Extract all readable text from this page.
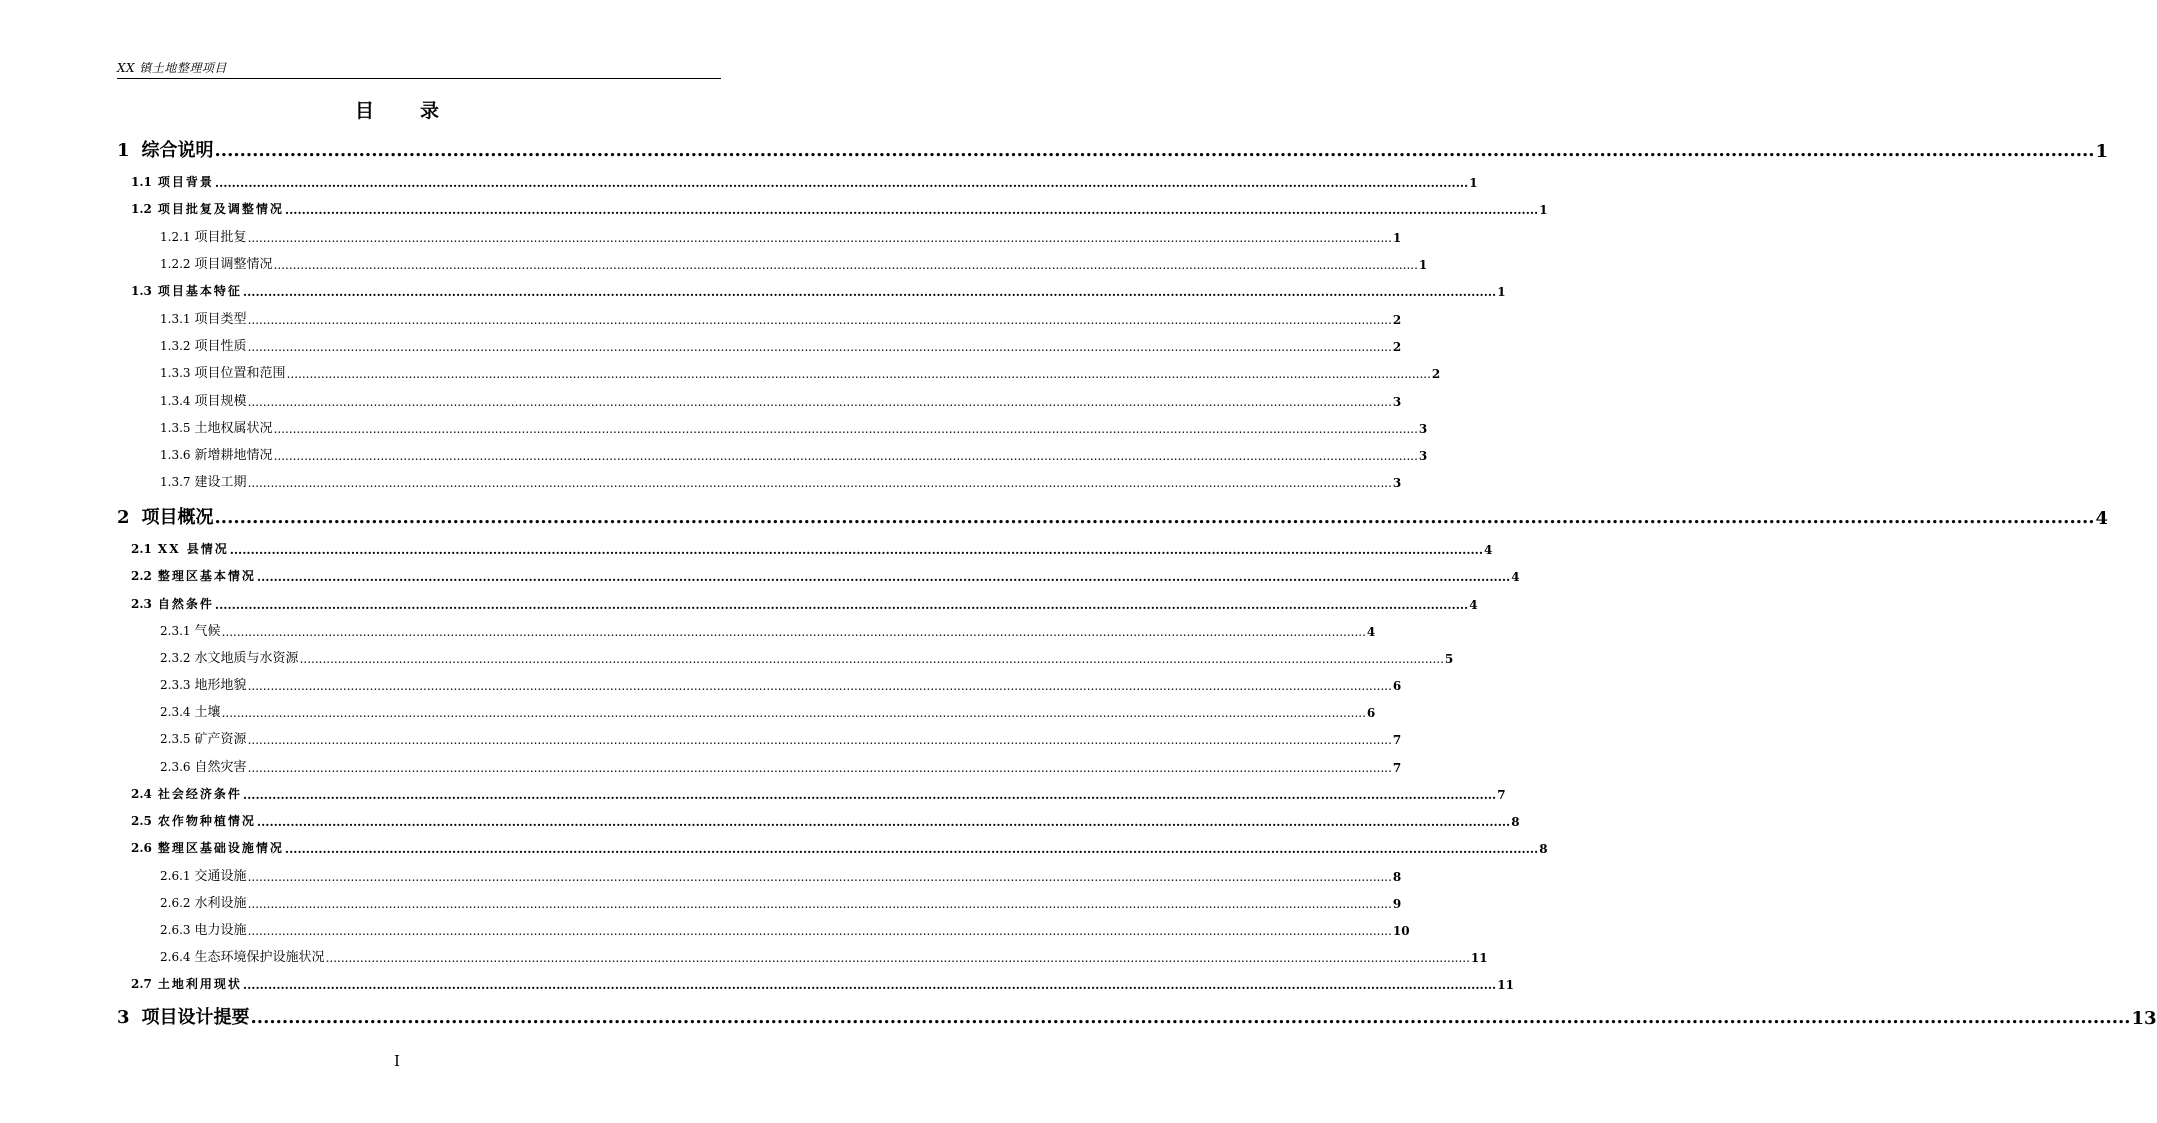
XX 镇土地整理项目
目录
1 综合说明 ............................................................................................................................................................................................................................................................................................................ 1
1.1 项目背景 ............................................................................................................................................................................................................................................................................................................ 1
1.2 项目批复及调整情况 ............................................................................................................................................................................................................................................................................................................ 1
1.2.1 项目批复 ............................................................................................................................................................................................................................................................................................................ 1
1.2.2 项目调整情况 ............................................................................................................................................................................................................................................................................................................ 1
1.3 项目基本特征 ............................................................................................................................................................................................................................................................................................................ 1
1.3.1 项目类型 ............................................................................................................................................................................................................................................................................................................ 2
1.3.2 项目性质 ............................................................................................................................................................................................................................................................................................................ 2
1.3.3 项目位置和范围 ............................................................................................................................................................................................................................................................................................................ 2
1.3.4 项目规模 ............................................................................................................................................................................................................................................................................................................ 3
1.3.5 土地权属状况 ............................................................................................................................................................................................................................................................................................................ 3
1.3.6 新增耕地情况 ............................................................................................................................................................................................................................................................................................................ 3
1.3.7 建设工期 ............................................................................................................................................................................................................................................................................................................ 3
2 项目概况 ............................................................................................................................................................................................................................................................................................................ 4
2.1 XX 县情况 ............................................................................................................................................................................................................................................................................................................ 4
2.2 整理区基本情况 ............................................................................................................................................................................................................................................................................................................ 4
2.3 自然条件 ............................................................................................................................................................................................................................................................................................................ 4
2.3.1 气候 ............................................................................................................................................................................................................................................................................................................ 4
2.3.2 水文地质与水资源 ............................................................................................................................................................................................................................................................................................................ 5
2.3.3 地形地貌 ............................................................................................................................................................................................................................................................................................................ 6
2.3.4 土壤 ............................................................................................................................................................................................................................................................................................................ 6
2.3.5 矿产资源 ............................................................................................................................................................................................................................................................................................................ 7
2.3.6 自然灾害 ............................................................................................................................................................................................................................................................................................................ 7
2.4 社会经济条件 ............................................................................................................................................................................................................................................................................................................ 7
2.5 农作物种植情况 ............................................................................................................................................................................................................................................................................................................ 8
2.6 整理区基础设施情况 ............................................................................................................................................................................................................................................................................................................ 8
2.6.1 交通设施 ............................................................................................................................................................................................................................................................................................................ 8
2.6.2 水利设施 ............................................................................................................................................................................................................................................................................................................ 9
2.6.3 电力设施 ............................................................................................................................................................................................................................................................................................................ 10
2.6.4 生态环境保护设施状况 ............................................................................................................................................................................................................................................................................................................ 11
2.7 土地利用现状 ............................................................................................................................................................................................................................................................................................................ 11
3 项目设计提要 ............................................................................................................................................................................................................................................................................................................ 13
I
